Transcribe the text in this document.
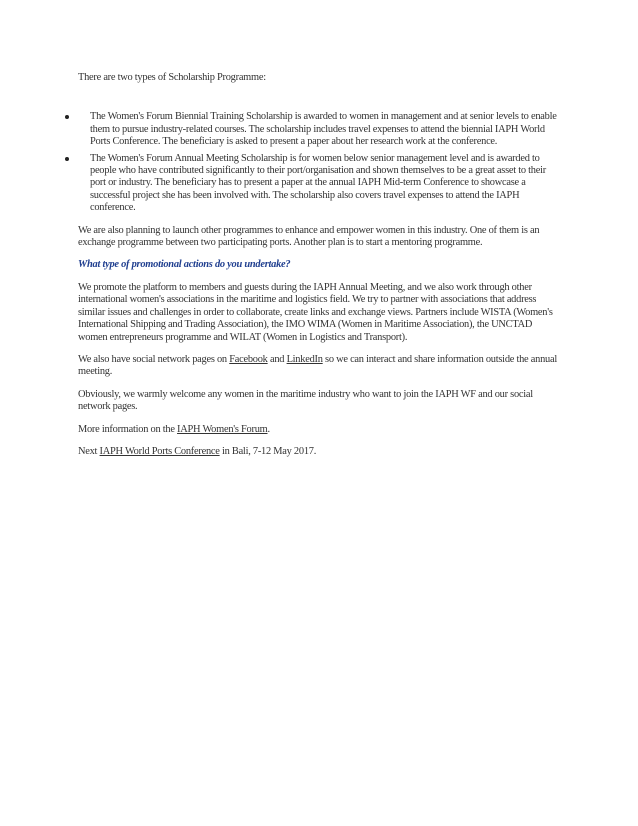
There are two types of Scholarship Programme:

The Women's Forum Biennial Training Scholarship is awarded to women in management and at senior levels to enable them to pursue industry-related courses. The scholarship includes travel expenses to attend the biennial IAPH World Ports Conference. The beneficiary is asked to present a paper about her research work at the conference.
The Women's Forum Annual Meeting Scholarship is for women below senior management level and is awarded to people who have contributed significantly to their port/organisation and shown themselves to be a great asset to their port or industry. The beneficiary has to present a paper at the annual IAPH Mid-term Conference to showcase a successful project she has been involved with. The scholarship also covers travel expenses to attend the IAPH conference.

We are also planning to launch other programmes to enhance and empower women in this industry. One of them is an exchange programme between two participating ports. Another plan is to start a mentoring programme.

What type of promotional actions do you undertake?

We promote the platform to members and guests during the IAPH Annual Meeting, and we also work through other international women's associations in the maritime and logistics field. We try to partner with associations that address similar issues and challenges in order to collaborate, create links and exchange views. Partners include WISTA (Women's International Shipping and Trading Association), the IMO WIMA (Women in Maritime Association), the UNCTAD women entrepreneurs programme and WILAT (Women in Logistics and Transport).

We also have social network pages on Facebook and LinkedIn so we can interact and share information outside the annual meeting.

Obviously, we warmly welcome any women in the maritime industry who want to join the IAPH WF and our social network pages.

More information on the IAPH Women's Forum.

Next IAPH World Ports Conference in Bali, 7-12 May 2017.
